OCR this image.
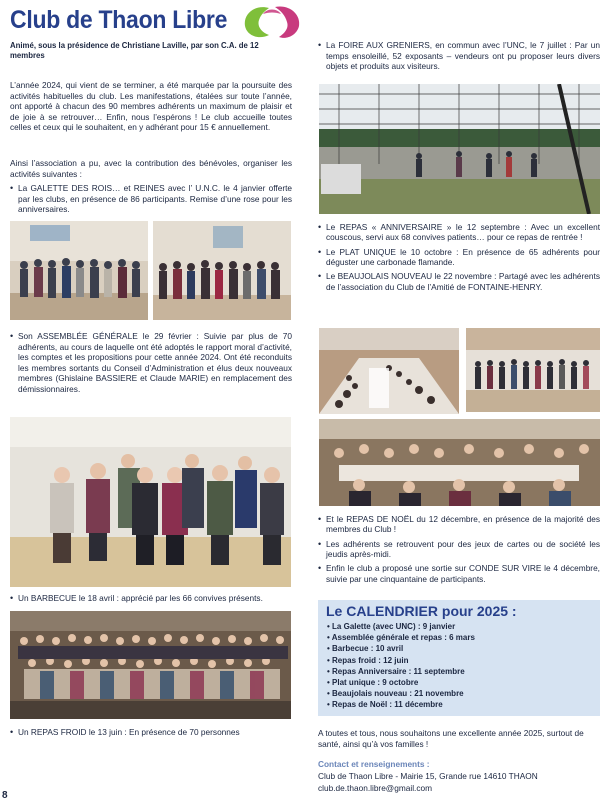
Club de Thaon Libre
Animé, sous la présidence de Christiane Laville, par son C.A. de 12 membres
L’année 2024, qui vient de se terminer, a été marquée par la poursuite des activités habituelles du club. Les manifestations, étalées sur toute l’année, ont apporté à chacun des 90 membres adhérents un maximum de plaisir et de joie à se retrouver… Enfin, nous l’espérons ! Le club accueille toutes celles et ceux qui le souhaitent, en y adhérant pour 15 € annuellement.
Ainsi l’association a pu, avec la contribution des bénévoles, organiser les activités suivantes :
• La GALETTE DES ROIS… et REINES avec l’ U.N.C. le 4 janvier offerte par les clubs, en présence de 86 participants. Remise d’une rose pour les anniversaires.
• Son ASSEMBLÉE GÉNÉRALE le 29 février : Suivie par plus de 70 adhérents, au cours de laquelle ont été adoptés le rapport moral d’activité, les comptes et les propositions pour cette année 2024. Ont été reconduits les membres sortants du Conseil d’Administration et élus deux nouveaux membres (Ghislaine BASSIERE et Claude MARIE) en remplacement des démissionnaires.
• Un BARBECUE le 18 avril : apprécié par les 66 convives présents.
• Un REPAS FROID le 13 juin : En présence de 70 personnes
8
• La FOIRE AUX GRENIERS, en commun avec l’UNC, le 7 juillet : Par un temps ensoleillé, 52 exposants – vendeurs ont pu proposer leurs divers objets et produits aux visiteurs.
• Le REPAS « ANNIVERSAIRE » le 12 septembre : Avec un excellent couscous, servi aux 68 convives patients… pour ce repas de rentrée !
• Le PLAT UNIQUE le 10 octobre : En présence de 65 adhérents pour déguster une carbonade flamande.
• Le BEAUJOLAIS NOUVEAU le 22 novembre : Partagé avec les adhérents de l’association du Club de l’Amitié de FONTAINE-HENRY.
• Et le REPAS DE NOËL du 12 décembre, en présence de la majorité des membres du Club !
• Les adhérents se retrouvent pour des jeux de cartes ou de société les jeudis après-midi.
• Enfin le club a proposé une sortie sur CONDE SUR VIRE le 4 décembre, suivie par une cinquantaine de participants.
Le CALENDRIER pour 2025 :
• La Galette (avec UNC) : 9 janvier
• Assemblée générale et repas : 6 mars
• Barbecue : 10 avril
• Repas froid : 12 juin
• Repas Anniversaire : 11 septembre
• Plat unique : 9 octobre
• Beaujolais nouveau : 21 novembre
• Repas de Noël : 11 décembre
A toutes et tous, nous souhaitons une excellente année 2025, surtout de santé, ainsi qu’à vos familles !
Contact et renseignements :
Club de Thaon Libre - Mairie 15, Grande rue 14610 THAON
club.de.thaon.libre@gmail.com
